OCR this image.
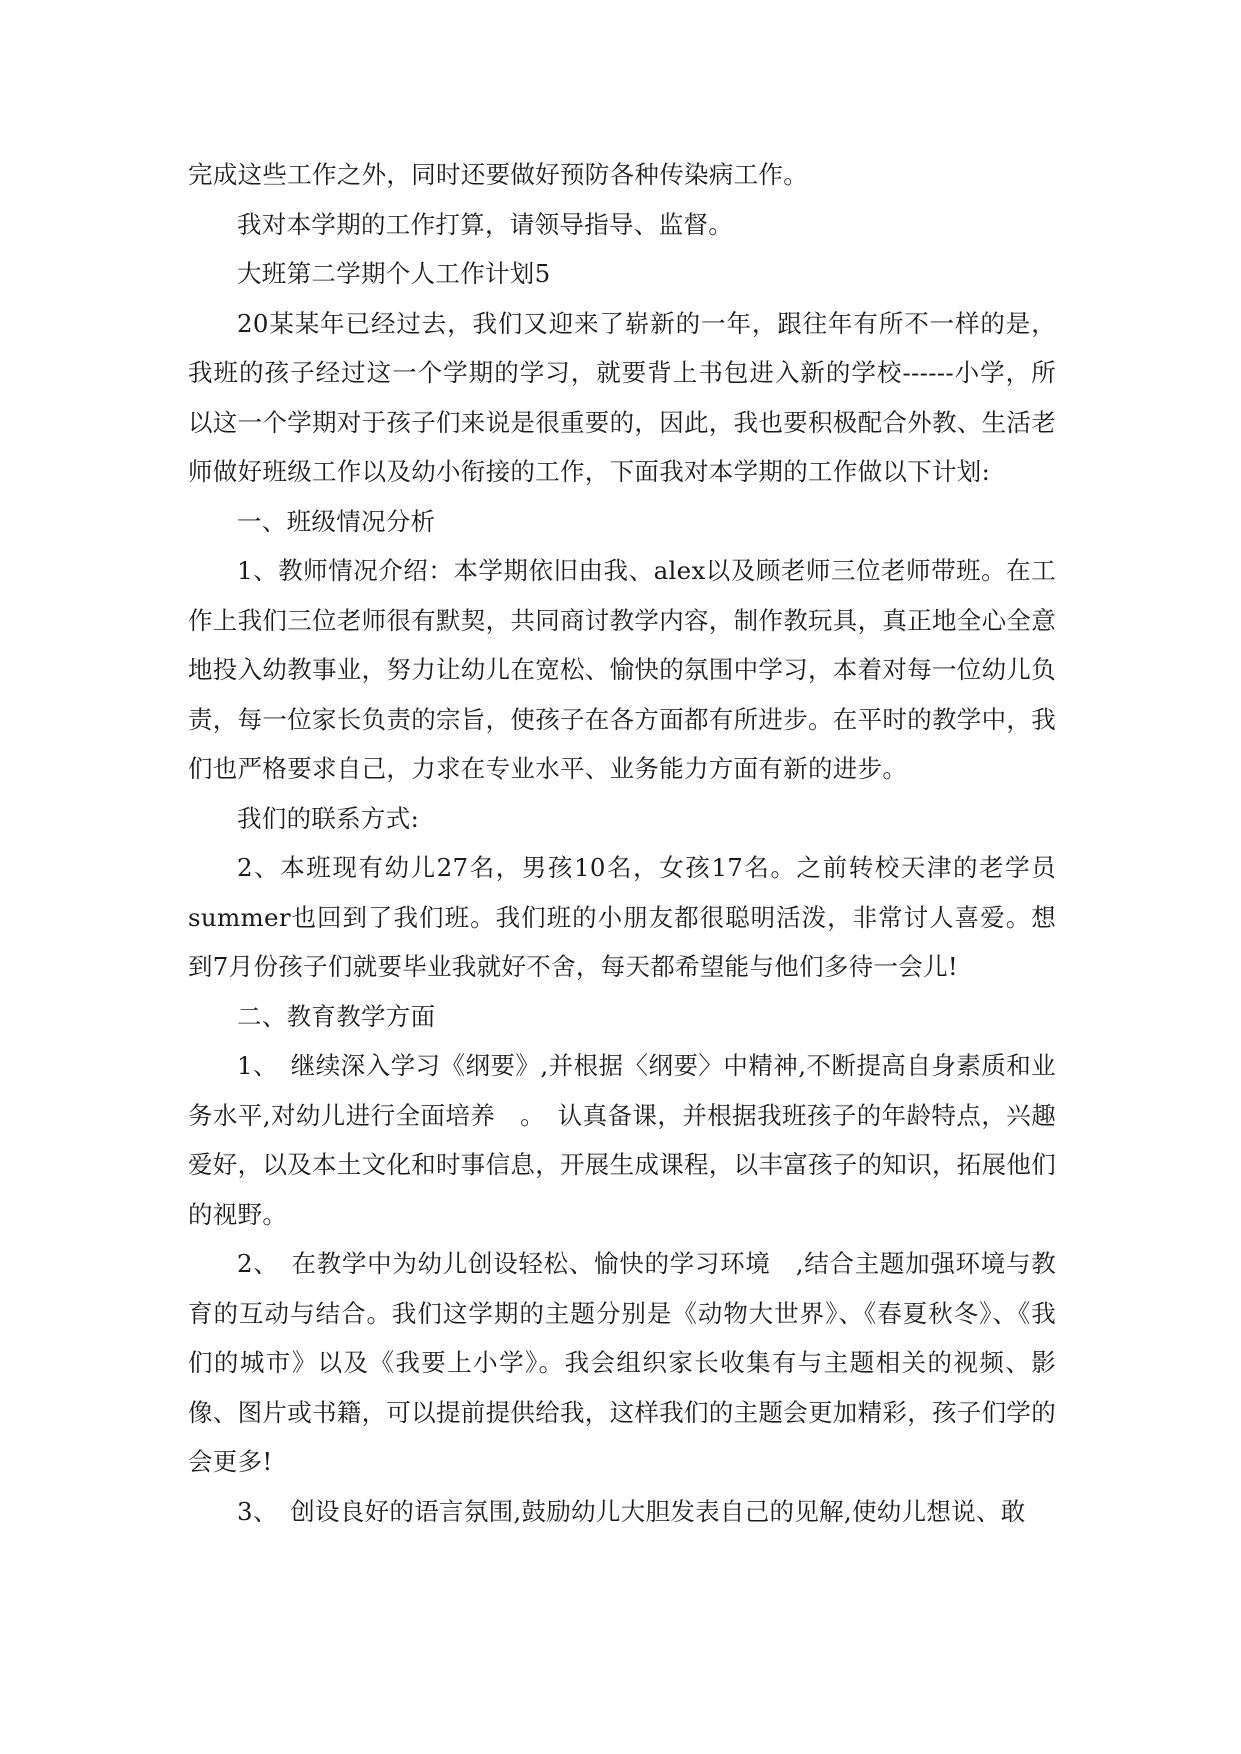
完成这些工作之外，同时还要做好预防各种传染病工作。

我对本学期的工作打算，请领导指导、监督。

大班第二学期个人工作计划5

20某某年已经过去，我们又迎来了崭新的一年，跟往年有所不一样的是，我班的孩子经过这一个学期的学习，就要背上书包进入新的学校------小学，所以这一个学期对于孩子们来说是很重要的，因此，我也要积极配合外教、生活老师做好班级工作以及幼小衔接的工作，下面我对本学期的工作做以下计划:

一、班级情况分析

1、教师情况介绍：本学期依旧由我、alex以及顾老师三位老师带班。在工作上我们三位老师很有默契，共同商讨教学内容，制作教玩具，真正地全心全意地投入幼教事业，努力让幼儿在宽松、愉快的氛围中学习，本着对每一位幼儿负责，每一位家长负责的宗旨，使孩子在各方面都有所进步。在平时的教学中，我们也严格要求自己，力求在专业水平、业务能力方面有新的进步。

我们的联系方式:

2、本班现有幼儿27名，男孩10名，女孩17名。之前转校天津的老学员summer也回到了我们班。我们班的小朋友都很聪明活泼，非常讨人喜爱。想到7月份孩子们就要毕业我就好不舍，每天都希望能与他们多待一会儿!

二、教育教学方面

1、　继续深入学习《纲要》,并根据〈纲要〉中精神,不断提高自身素质和业务水平,对幼儿进行全面培养　。　认真备课，并根据我班孩子的年龄特点，兴趣爱好，以及本土文化和时事信息，开展生成课程，以丰富孩子的知识，拓展他们的视野。

2、　在教学中为幼儿创设轻松、愉快的学习环境　,结合主题加强环境与教育的互动与结合。我们这学期的主题分别是《动物大世界》、《春夏秋冬》、《我们的城市》以及《我要上小学》。我会组织家长收集有与主题相关的视频、影像、图片或书籍，可以提前提供给我，这样我们的主题会更加精彩，孩子们学的会更多!

3、　创设良好的语言氛围,鼓励幼儿大胆发表自己的见解,使幼儿想说、敢
